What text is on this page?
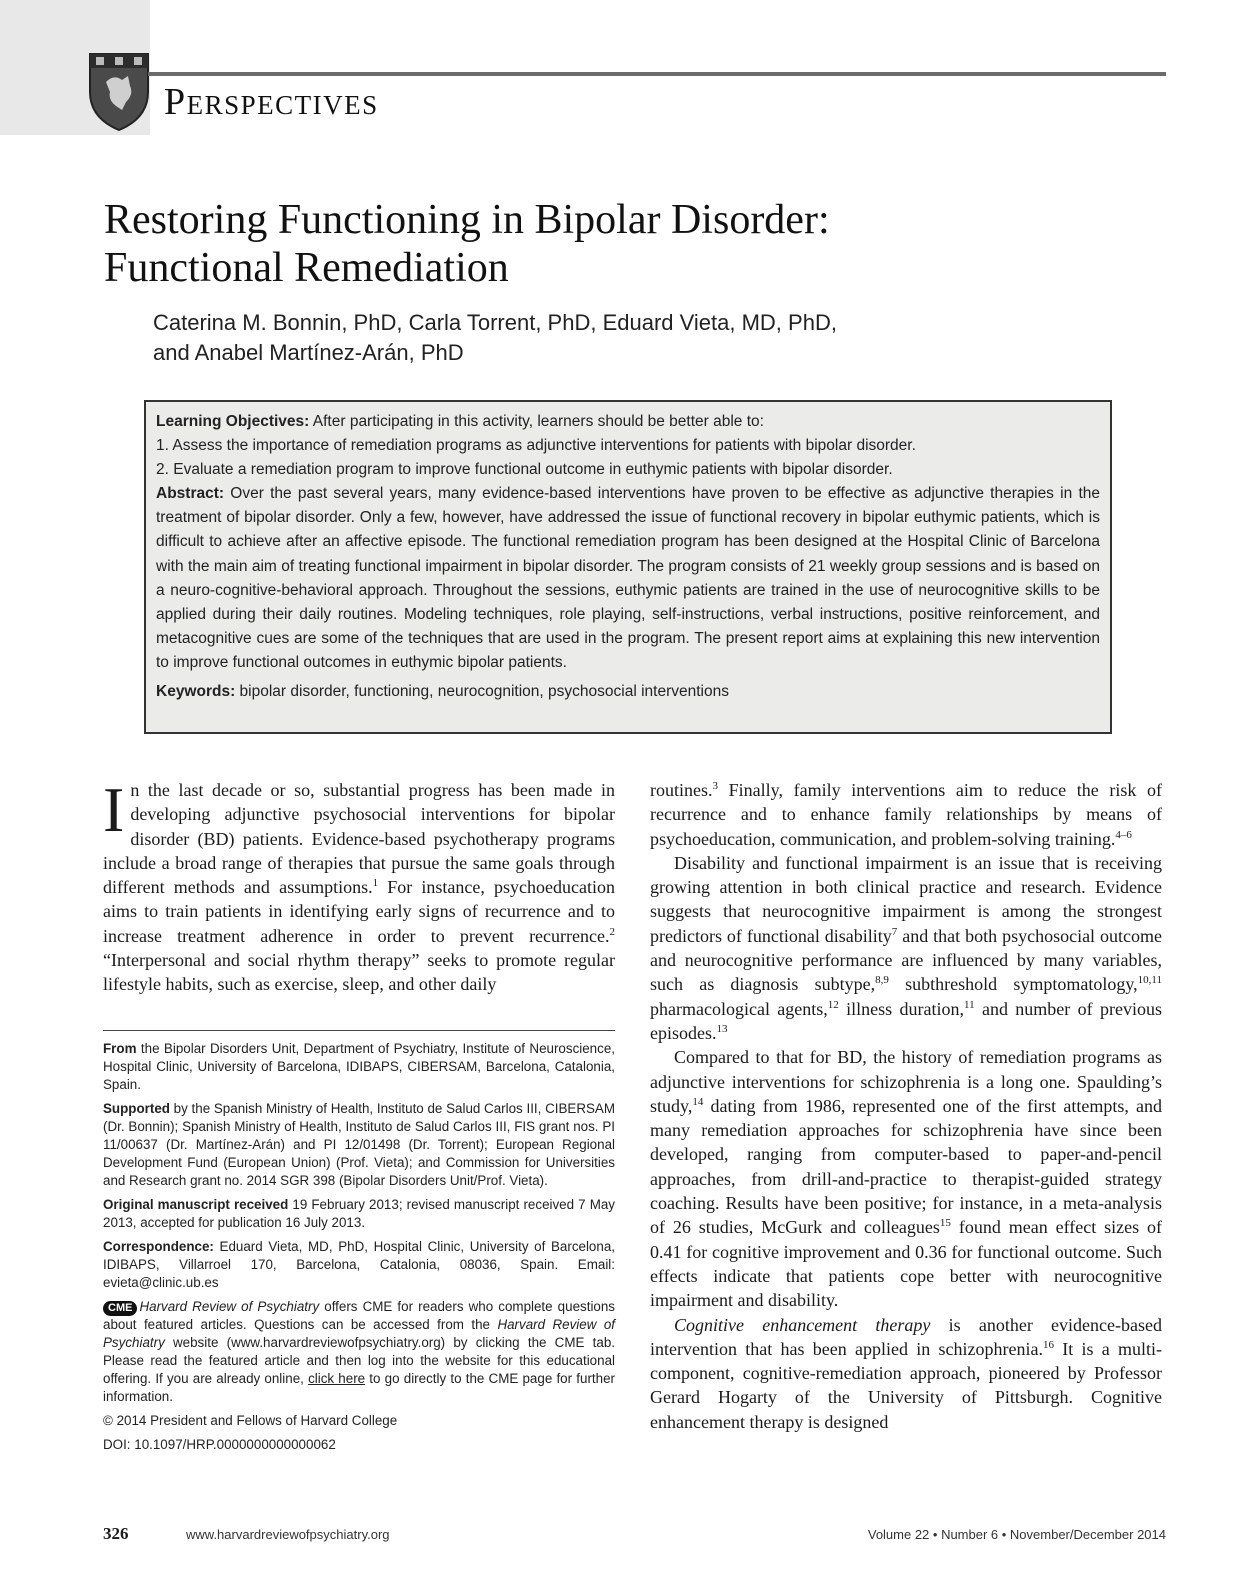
Perspectives
Restoring Functioning in Bipolar Disorder:
Functional Remediation
Caterina M. Bonnin, PhD, Carla Torrent, PhD, Eduard Vieta, MD, PhD,
and Anabel Martínez-Arán, PhD
Learning Objectives: After participating in this activity, learners should be better able to:
1. Assess the importance of remediation programs as adjunctive interventions for patients with bipolar disorder.
2. Evaluate a remediation program to improve functional outcome in euthymic patients with bipolar disorder.
Abstract: Over the past several years, many evidence-based interventions have proven to be effective as adjunctive therapies in the treatment of bipolar disorder. Only a few, however, have addressed the issue of functional recovery in bipolar euthymic patients, which is difficult to achieve after an affective episode. The functional remediation program has been designed at the Hospital Clinic of Barcelona with the main aim of treating functional impairment in bipolar disorder. The program consists of 21 weekly group sessions and is based on a neuro-cognitive-behavioral approach. Throughout the sessions, euthymic patients are trained in the use of neurocognitive skills to be applied during their daily routines. Modeling techniques, role playing, self-instructions, verbal instructions, positive reinforcement, and metacognitive cues are some of the techniques that are used in the program. The present report aims at explaining this new intervention to improve functional outcomes in euthymic bipolar patients.
Keywords: bipolar disorder, functioning, neurocognition, psychosocial interventions

In the last decade or so, substantial progress has been made in developing adjunctive psychosocial interventions for bipolar disorder (BD) patients. Evidence-based psychotherapy programs include a broad range of therapies that pursue the same goals through different methods and assumptions.$^1$ For instance, psychoeducation aims to train patients in identifying early signs of recurrence and to increase treatment adherence in order to prevent recurrence.$^2$ “Interpersonal and social rhythm therapy” seeks to promote regular lifestyle habits, such as exercise, sleep, and other daily

From the Bipolar Disorders Unit, Department of Psychiatry, Institute of Neuroscience, Hospital Clinic, University of Barcelona, IDIBAPS, CIBERSAM, Barcelona, Catalonia, Spain.

Supported by the Spanish Ministry of Health, Instituto de Salud Carlos III, CIBERSAM (Dr. Bonnin); Spanish Ministry of Health, Instituto de Salud Carlos III, FIS grant nos. PI 11/00637 (Dr. Martínez-Arán) and PI 12/01498 (Dr. Torrent); European Regional Development Fund (European Union) (Prof. Vieta); and Commission for Universities and Research grant no. 2014 SGR 398 (Bipolar Disorders Unit/Prof. Vieta).

Original manuscript received 19 February 2013; revised manuscript received 7 May 2013, accepted for publication 16 July 2013.

Correspondence: Eduard Vieta, MD, PhD, Hospital Clinic, University of Barcelona, IDIBAPS, Villarroel 170, Barcelona, Catalonia, 08036, Spain. Email: evieta@clinic.ub.es

CME Harvard Review of Psychiatry offers CME for readers who complete questions about featured articles. Questions can be accessed from the Harvard Review of Psychiatry website (www.harvardreviewofpsychiatry.org) by clicking the CME tab. Please read the featured article and then log into the website for this educational offering. If you are already online, click here to go directly to the CME page for further information.

© 2014 President and Fellows of Harvard College
DOI: 10.1097/HRP.0000000000000062

routines.$^3$ Finally, family interventions aim to reduce the risk of recurrence and to enhance family relationships by means of psychoeducation, communication, and problem-solving training.$^{4-6}$

Disability and functional impairment is an issue that is receiving growing attention in both clinical practice and research. Evidence suggests that neurocognitive impairment is among the strongest predictors of functional disability$^7$ and that both psychosocial outcome and neurocognitive performance are influenced by many variables, such as diagnosis subtype,$^{8,9}$ subthreshold symptomatology,$^{10,11}$ pharmacological agents,$^{12}$ illness duration,$^{11}$ and number of previous episodes.$^{13}$

Compared to that for BD, the history of remediation programs as adjunctive interventions for schizophrenia is a long one. Spaulding’s study,$^{14}$ dating from 1986, represented one of the first attempts, and many remediation approaches for schizophrenia have since been developed, ranging from computer-based to paper-and-pencil approaches, from drill-and-practice to therapist-guided strategy coaching. Results have been positive; for instance, in a meta-analysis of 26 studies, McGurk and colleagues$^{15}$ found mean effect sizes of 0.41 for cognitive improvement and 0.36 for functional outcome. Such effects indicate that patients cope better with neurocognitive impairment and disability.

Cognitive enhancement therapy is another evidence-based intervention that has been applied in schizophrenia.$^{16}$ It is a multi-component, cognitive-remediation approach, pioneered by Professor Gerard Hogarty of the University of Pittsburgh. Cognitive enhancement therapy is designed

326	www.harvardreviewofpsychiatry.org	Volume 22 • Number 6 • November/December 2014
